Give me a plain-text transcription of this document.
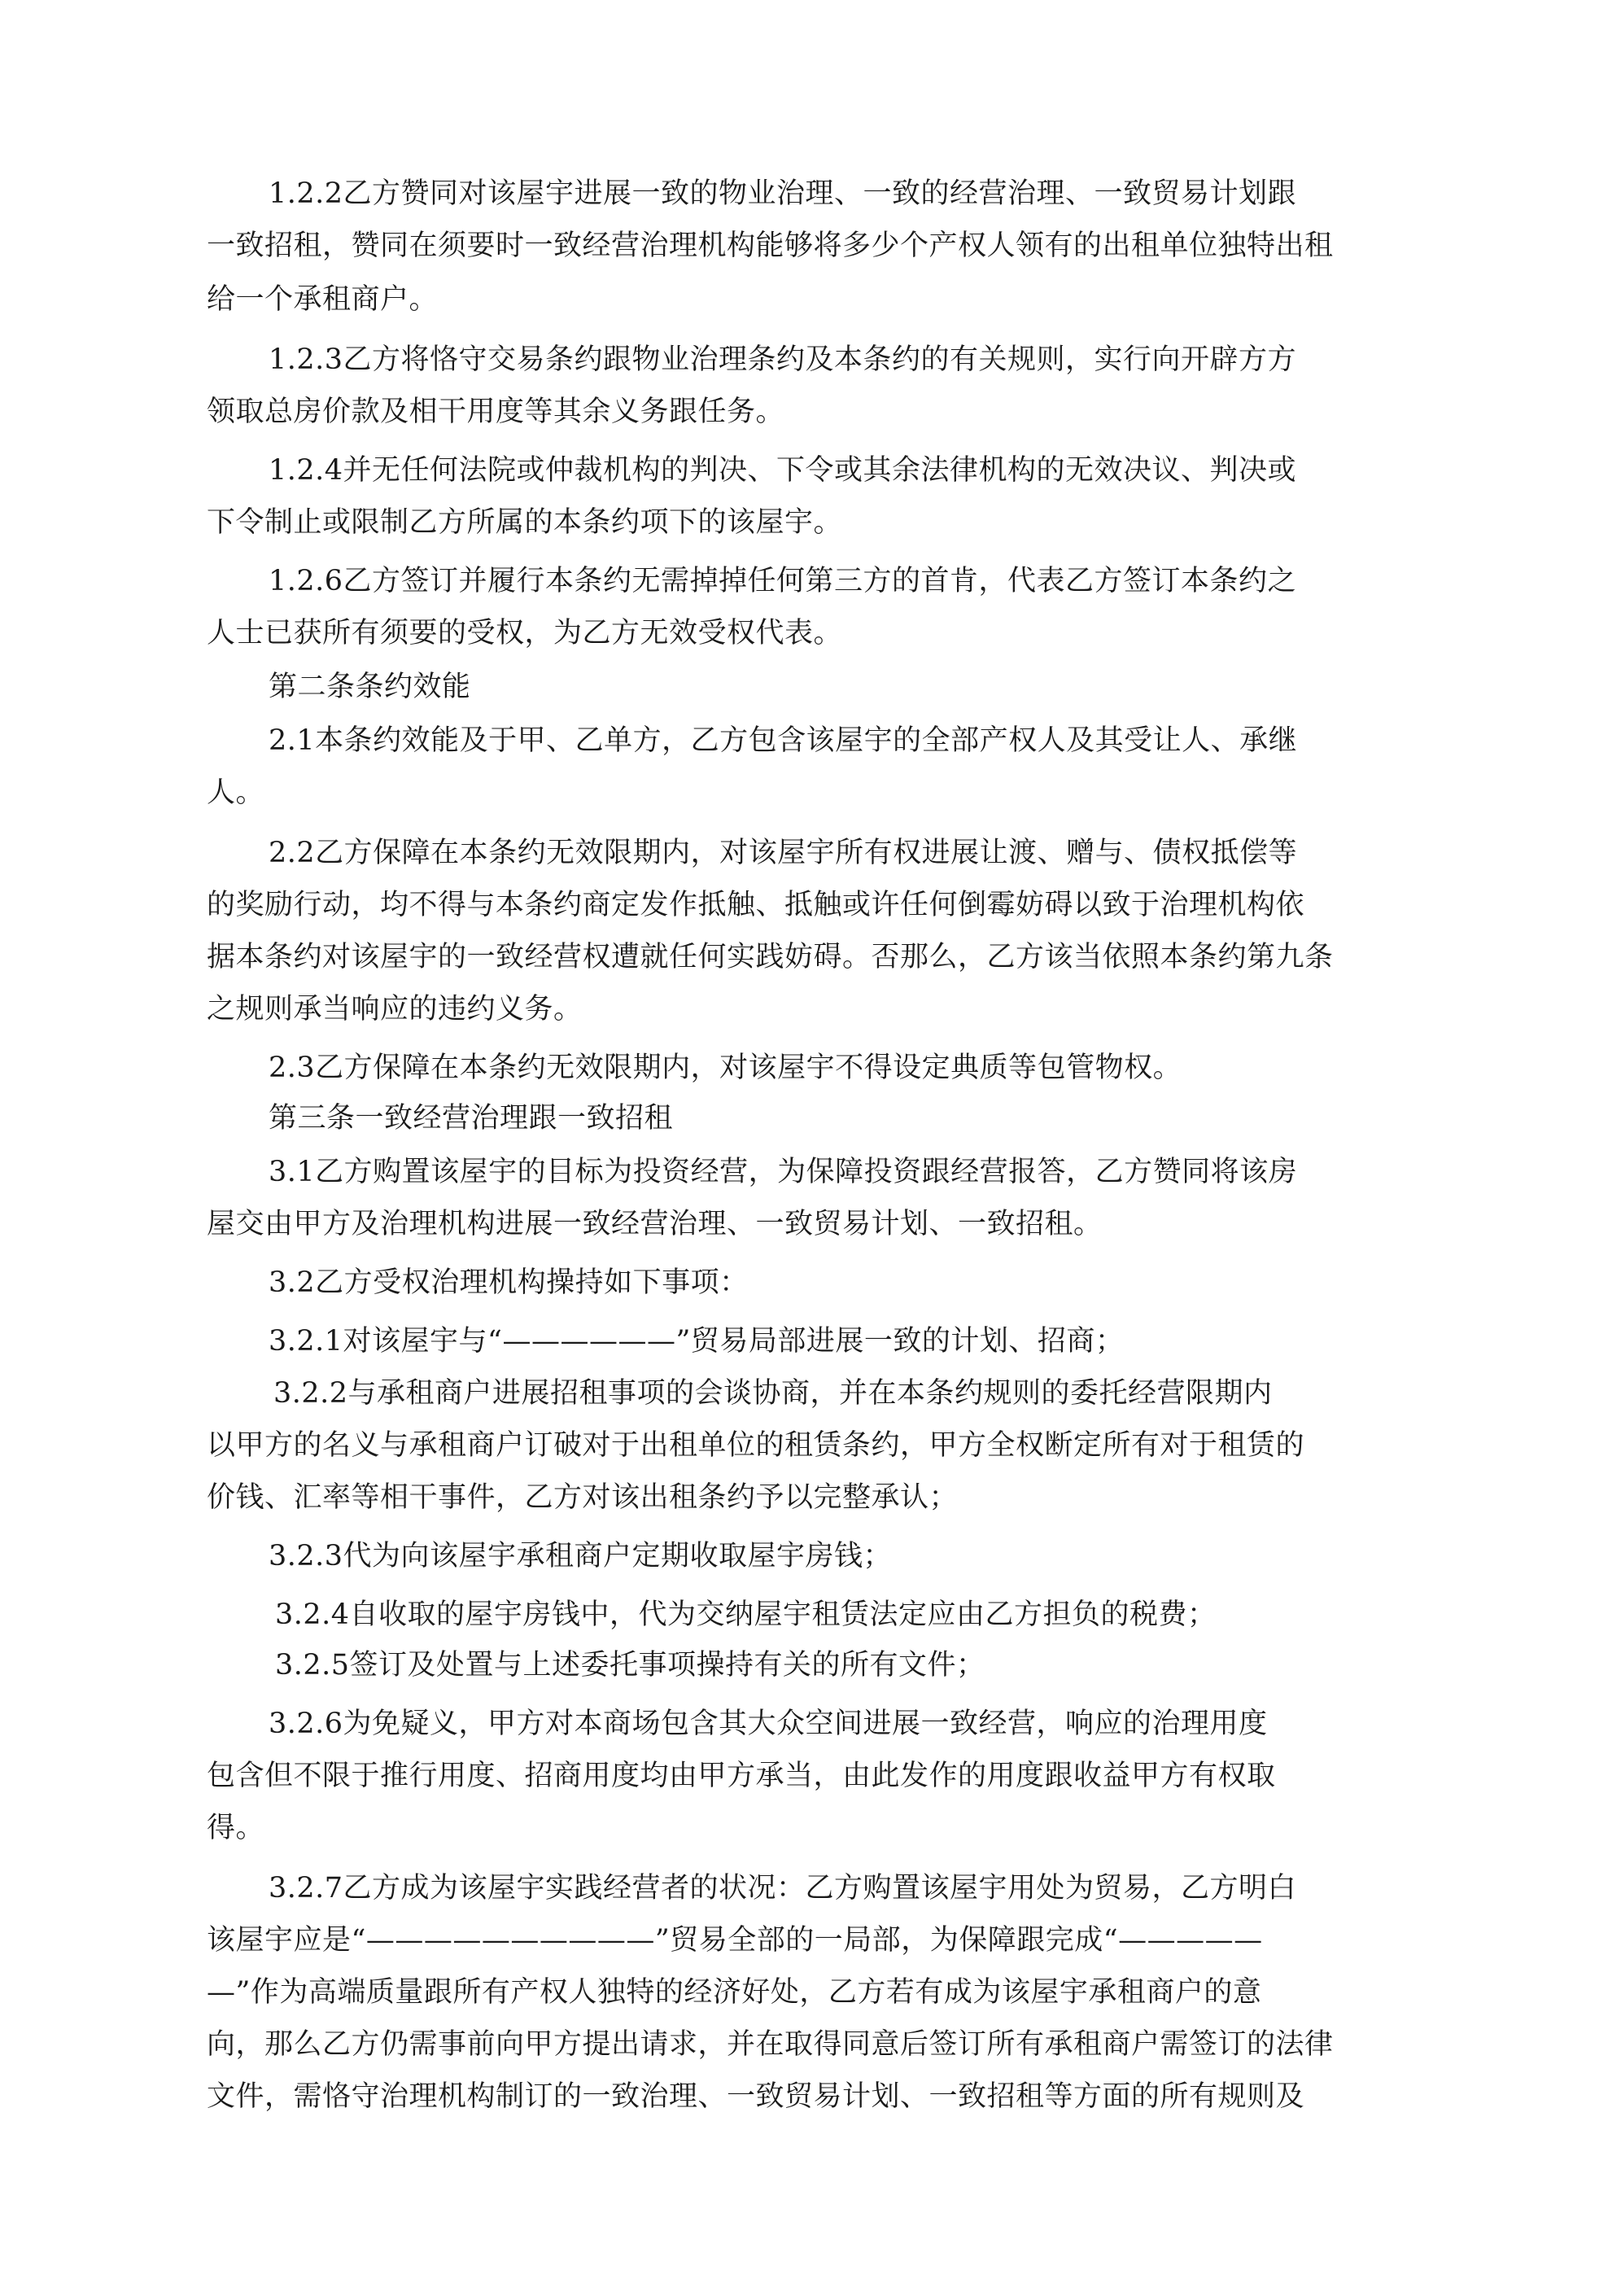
1.2.2乙方赞同对该屋宇进展一致的物业治理、一致的经营治理、一致贸易计划跟
一致招租，赞同在须要时一致经营治理机构能够将多少个产权人领有的出租单位独特出租
给一个承租商户。
1.2.3乙方将恪守交易条约跟物业治理条约及本条约的有关规则，实行向开辟方方
领取总房价款及相干用度等其余义务跟任务。
1.2.4并无任何法院或仲裁机构的判决、下令或其余法律机构的无效决议、判决或
下令制止或限制乙方所属的本条约项下的该屋宇。
1.2.6乙方签订并履行本条约无需掉掉任何第三方的首肯，代表乙方签订本条约之
人士已获所有须要的受权，为乙方无效受权代表。
第二条条约效能
2.1本条约效能及于甲、乙单方，乙方包含该屋宇的全部产权人及其受让人、承继
人。
2.2乙方保障在本条约无效限期内，对该屋宇所有权进展让渡、赠与、债权抵偿等
的奖励行动，均不得与本条约商定发作抵触、抵触或许任何倒霉妨碍以致于治理机构依
据本条约对该屋宇的一致经营权遭就任何实践妨碍。否那么，乙方该当依照本条约第九条
之规则承当响应的违约义务。
2.3乙方保障在本条约无效限期内，对该屋宇不得设定典质等包管物权。
第三条一致经营治理跟一致招租
3.1乙方购置该屋宇的目标为投资经营，为保障投资跟经营报答，乙方赞同将该房
屋交由甲方及治理机构进展一致经营治理、一致贸易计划、一致招租。
3.2乙方受权治理机构操持如下事项：
3.2.1对该屋宇与“——————”贸易局部进展一致的计划、招商；
3.2.2与承租商户进展招租事项的会谈协商，并在本条约规则的委托经营限期内
以甲方的名义与承租商户订破对于出租单位的租赁条约，甲方全权断定所有对于租赁的
价钱、汇率等相干事件，乙方对该出租条约予以完整承认；
3.2.3代为向该屋宇承租商户定期收取屋宇房钱；
3.2.4自收取的屋宇房钱中，代为交纳屋宇租赁法定应由乙方担负的税费；
3.2.5签订及处置与上述委托事项操持有关的所有文件；
3.2.6为免疑义，甲方对本商场包含其大众空间进展一致经营，响应的治理用度
包含但不限于推行用度、招商用度均由甲方承当，由此发作的用度跟收益甲方有权取
得。
3.2.7乙方成为该屋宇实践经营者的状况：乙方购置该屋宇用处为贸易，乙方明白
该屋宇应是“——————————”贸易全部的一局部，为保障跟完成“—————
—”作为高端质量跟所有产权人独特的经济好处，乙方若有成为该屋宇承租商户的意
向，那么乙方仍需事前向甲方提出请求，并在取得同意后签订所有承租商户需签订的法律
文件，需恪守治理机构制订的一致治理、一致贸易计划、一致招租等方面的所有规则及
